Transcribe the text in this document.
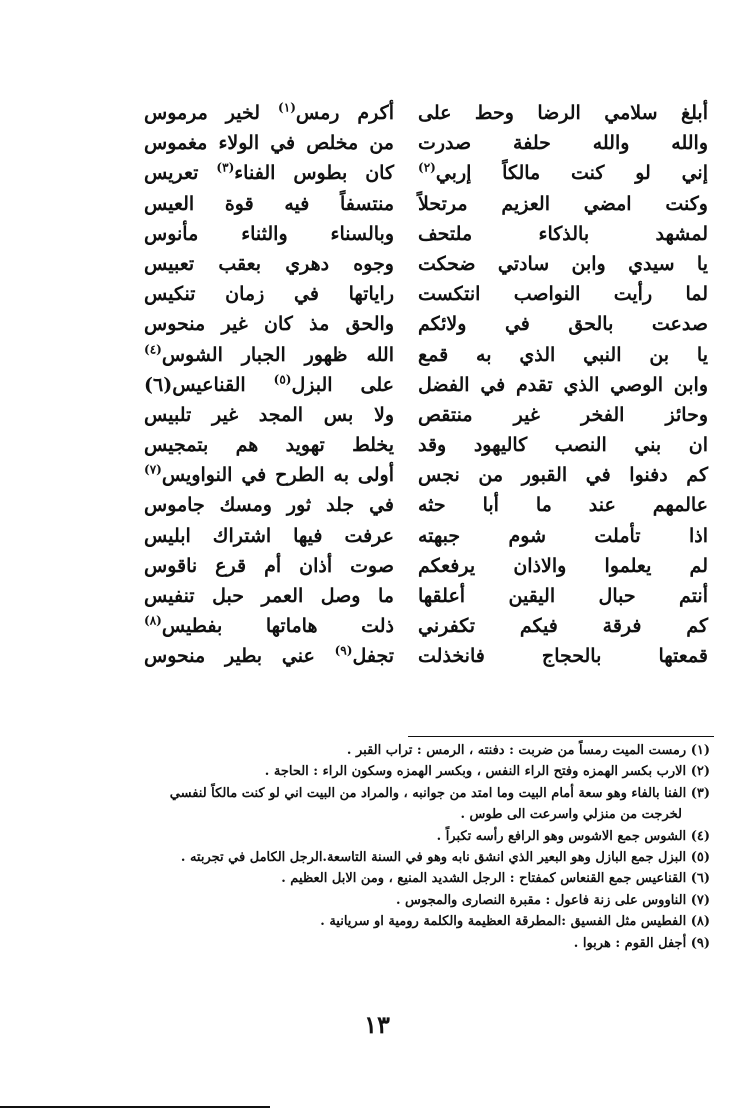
أبلغ سلامي الرضا وحط على
والله والله حلفة صدرت
إني لو كنت مالكاً إربي$^{(٢)}$
وكنت امضي العزيم مرتحلاً
لمشهد بالذكاء ملتحف
يا سيدي وابن سادتي ضحكت
لما رأيت النواصب انتكست
صدعت بالحق في ولائكم
يا بن النبي الذي به قمع
وابن الوصي الذي تقدم في الفضل
وحائز الفخر غير منتقص
ان بني النصب كاليهود وقد
كم دفنوا في القبور من نجس
عالمهم عند ما أبا حثه
اذا تأملت شوم جبهته
لم يعلموا والاذان يرفعكم
أنتم حبال اليقين أعلقها
كم فرقة فيكم تكفرني
قمعتها بالحجاج فانخذلت
أكرم رمس$^{(١)}$ لخير مرموس
من مخلص في الولاء مغموس
كان بطوس الفناء$^{(٣)}$ تعريس
منتسفاً فيه قوة العيس
وبالسناء والثناء مأنوس
وجوه دهري بعقب تعبيس
راياتها في زمان تنكيس
والحق مذ كان غير منحوس
الله ظهور الجبار الشوس$^{(٤)}$
على البزل$^{(٥)}$ القناعيس(٦)
ولا بس المجد غير تلبيس
يخلط تهويد هم بتمجيس
أولى به الطرح في النواويس$^{(٧)}$
في جلد ثور ومسك جاموس
عرفت فيها اشتراك ابليس
صوت أذان أم قرع ناقوس
ما وصل العمر حبل تنفيس
ذلت هاماتها بفطيس$^{(٨)}$
تجفل$^{(٩)}$ عني بطير منحوس
(١) رمست الميت رمساً من ضربت : دفنته ، الرمس : تراب القبر .
(٢) الارب بكسر الهمزه وفتح الراء النفس ، وبكسر الهمزه وسكون الراء : الحاجة .
(٣) الفنا بالفاء وهو سعة أمام البيت وما امتد من جوانبه ، والمراد من البيت اني لو كنت مالكاً لنفسي
لخرجت من منزلي واسرعت الى طوس .
(٤) الشوس جمع الاشوس وهو الرافع رأسه تكبراً .
(٥) البزل جمع البازل وهو البعير الذي انشق نابه وهو في السنة التاسعة.الرجل الكامل في تجربته .
(٦) القناعيس جمع القنعاس كمفتاح : الرجل الشديد المنيع ، ومن الابل العظيم .
(٧) الناووس على زنة فاعول : مقبرة النصارى والمجوس .
(٨) الفطيس مثل الفسيق :المطرقة العظيمة والكلمة رومية او سريانية .
(٩) أجفل القوم : هربوا .
١٣
